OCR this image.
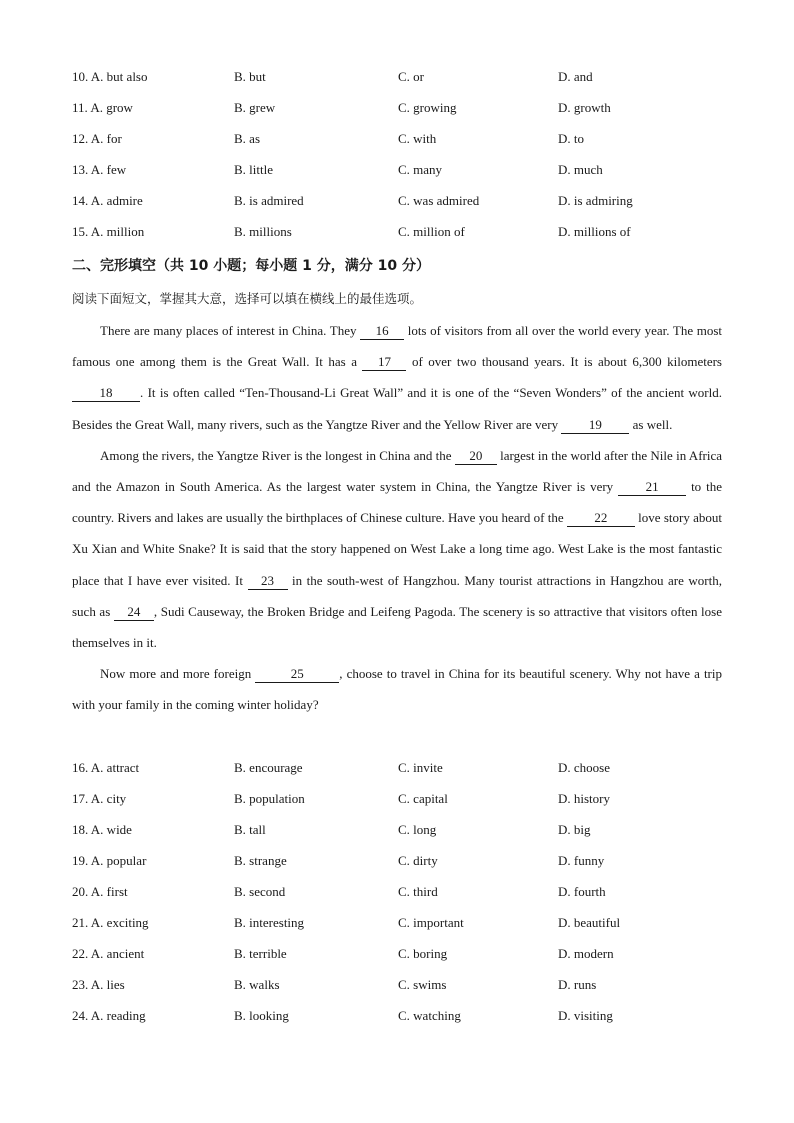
10. A. but also	B. but	C. or	D. and
11. A. grow	B. grew	C. growing	D. growth
12. A. for	B. as	C. with	D. to
13. A. few	B. little	C. many	D. much
14. A. admire	B. is admired	C. was admired	D. is admiring
15. A. million	B. millions	C. million of	D. millions of
二、完形填空（共 10 小题；每小题 1 分，满分 10 分）
阅读下面短文，掌握其大意，选择可以填在横线上的最佳选项。

There are many places of interest in China. They 16 lots of visitors from all over the world every year. The most famous one among them is the Great Wall. It has a 17 of over two thousand years. It is about 6,300 kilometers 18 . It is often called “Ten-Thousand-Li Great Wall” and it is one of the “Seven Wonders” of the ancient world. Besides the Great Wall, many rivers, such as the Yangtze River and the Yellow River are very 19 as well.

Among the rivers, the Yangtze River is the longest in China and the 20 largest in the world after the Nile in Africa and the Amazon in South America. As the largest water system in China, the Yangtze River is very 21 to the country. Rivers and lakes are usually the birthplaces of Chinese culture. Have you heard of the 22 love story about Xu Xian and White Snake? It is said that the story happened on West Lake a long time ago. West Lake is the most fantastic place that I have ever visited. It 23 in the south-west of Hangzhou. Many tourist attractions in Hangzhou are worth, such as 24 , Sudi Causeway, the Broken Bridge and Leifeng Pagoda. The scenery is so attractive that visitors often lose themselves in it.

Now more and more foreign	25	, choose to travel in China for its beautiful scenery. Why not have a trip with your family in the coming winter holiday?

16. A. attract	B. encourage	C. invite	D. choose
17. A. city	B. population	C. capital	D. history
18. A. wide	B. tall	C. long	D. big
19. A. popular	B. strange	C. dirty	D. funny
20. A. first	B. second	C. third	D. fourth
21. A. exciting	B. interesting	C. important	D. beautiful
22. A. ancient	B. terrible	C. boring	D. modern
23. A. lies	B. walks	C. swims	D. runs
24. A. reading	B. looking	C. watching	D. visiting
